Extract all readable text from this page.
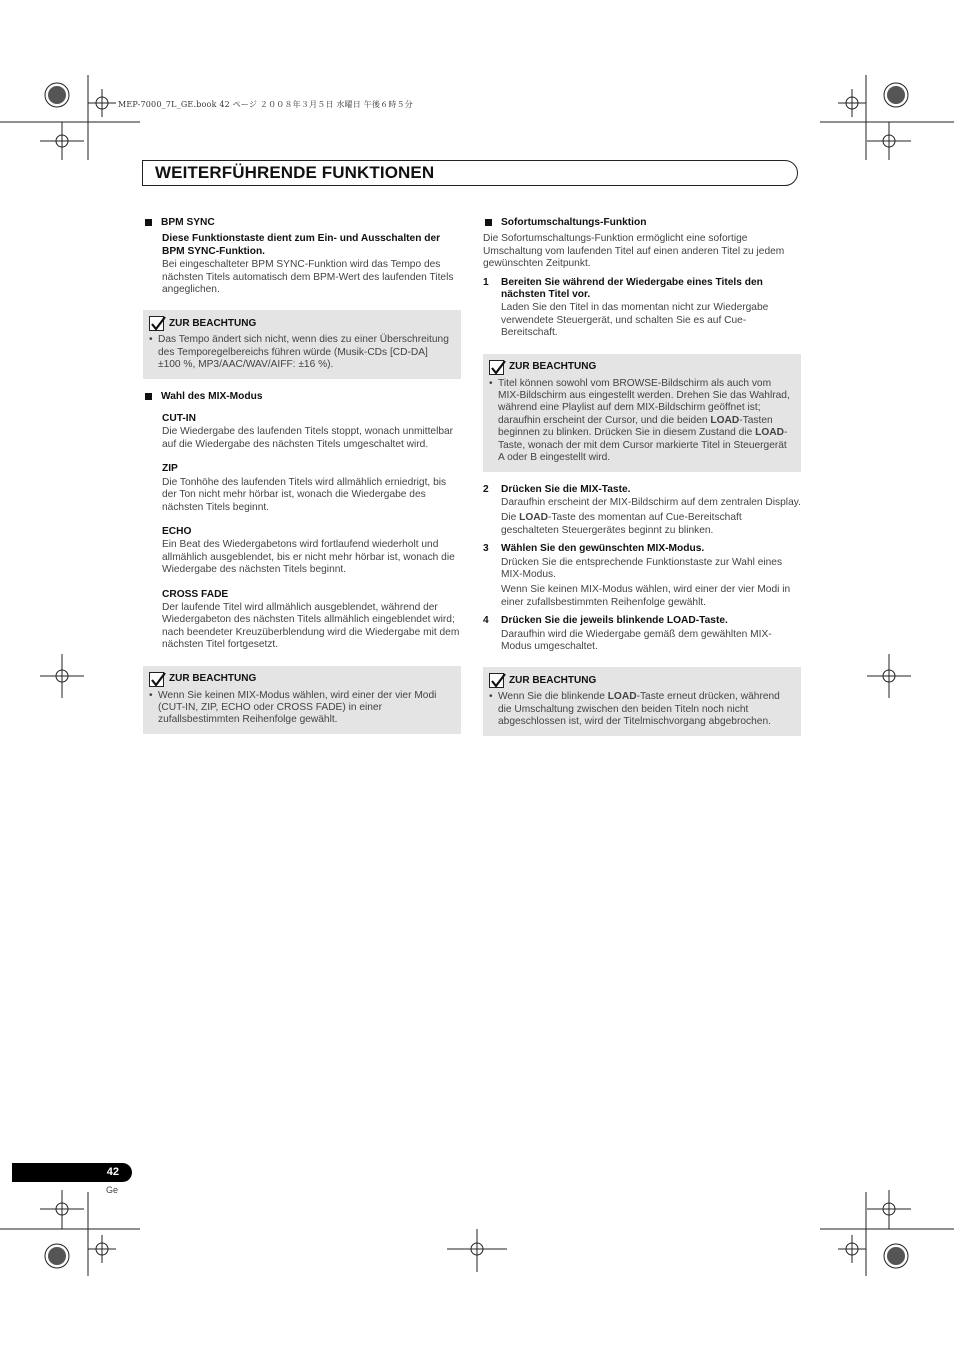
MEP-7000_7L_GE.book 42 ページ ２００８年３月５日 水曜日 午後６時５分
WEITERFÜHRENDE FUNKTIONEN
BPM SYNC
Diese Funktionstaste dient zum Ein- und Ausschalten der BPM SYNC-Funktion.

Bei eingeschalteter BPM SYNC-Funktion wird das Tempo des nächsten Titels automatisch dem BPM-Wert des laufenden Titels angeglichen.

ZUR BEACHTUNG
• Das Tempo ändert sich nicht, wenn dies zu einer Überschreitung des Temporegelbereichs führen würde (Musik-CDs [CD-DA] ±100 %, MP3/AAC/WAV/AIFF: ±16 %).
Wahl des MIX-Modus
CUT-IN

Die Wiedergabe des laufenden Titels stoppt, wonach unmittelbar auf die Wiedergabe des nächsten Titels umgeschaltet wird.

ZIP

Die Tonhöhe des laufenden Titels wird allmählich erniedrigt, bis der Ton nicht mehr hörbar ist, wonach die Wiedergabe des nächsten Titels beginnt.

ECHO

Ein Beat des Wiedergabetons wird fortlaufend wiederholt und allmählich ausgeblendet, bis er nicht mehr hörbar ist, wonach die Wiedergabe des nächsten Titels beginnt.

CROSS FADE

Der laufende Titel wird allmählich ausgeblendet, während der Wiedergabeton des nächsten Titels allmählich eingeblendet wird; nach beendeter Kreuzüberblendung wird die Wiedergabe mit dem nächsten Titel fortgesetzt.

ZUR BEACHTUNG
• Wenn Sie keinen MIX-Modus wählen, wird einer der vier Modi (CUT-IN, ZIP, ECHO oder CROSS FADE) in einer zufallsbestimmten Reihenfolge gewählt.
Sofortumschaltungs-Funktion

Die Sofortumschaltungs-Funktion ermöglicht eine sofortige Umschaltung vom laufenden Titel auf einen anderen Titel zu jedem gewünschten Zeitpunkt.

1 Bereiten Sie während der Wiedergabe eines Titels den nächsten Titel vor.

Laden Sie den Titel in das momentan nicht zur Wiedergabe verwendete Steuergerät, und schalten Sie es auf Cue-Bereitschaft.

ZUR BEACHTUNG
• Titel können sowohl vom BROWSE-Bildschirm als auch vom MIX-Bildschirm aus eingestellt werden. Drehen Sie das Wahlrad, während eine Playlist auf dem MIX-Bildschirm geöffnet ist; daraufhin erscheint der Cursor, und die beiden LOAD-Tasten beginnen zu blinken. Drücken Sie in diesem Zustand die LOAD-Taste, wonach der mit dem Cursor markierte Titel in Steuergerät A oder B eingestellt wird.
2 Drücken Sie die MIX-Taste.

Daraufhin erscheint der MIX-Bildschirm auf dem zentralen Display.

Die LOAD-Taste des momentan auf Cue-Bereitschaft geschalteten Steuergerätes beginnt zu blinken.

3 Wählen Sie den gewünschten MIX-Modus.

Drücken Sie die entsprechende Funktionstaste zur Wahl eines MIX-Modus.

Wenn Sie keinen MIX-Modus wählen, wird einer der vier Modi in einer zufallsbestimmten Reihenfolge gewählt.

4 Drücken Sie die jeweils blinkende LOAD-Taste.

Daraufhin wird die Wiedergabe gemäß dem gewählten MIX-Modus umgeschaltet.

ZUR BEACHTUNG
• Wenn Sie die blinkende LOAD-Taste erneut drücken, während die Umschaltung zwischen den beiden Titeln noch nicht abgeschlossen ist, wird der Titelmischvorgang abgebrochen.
42
Ge
